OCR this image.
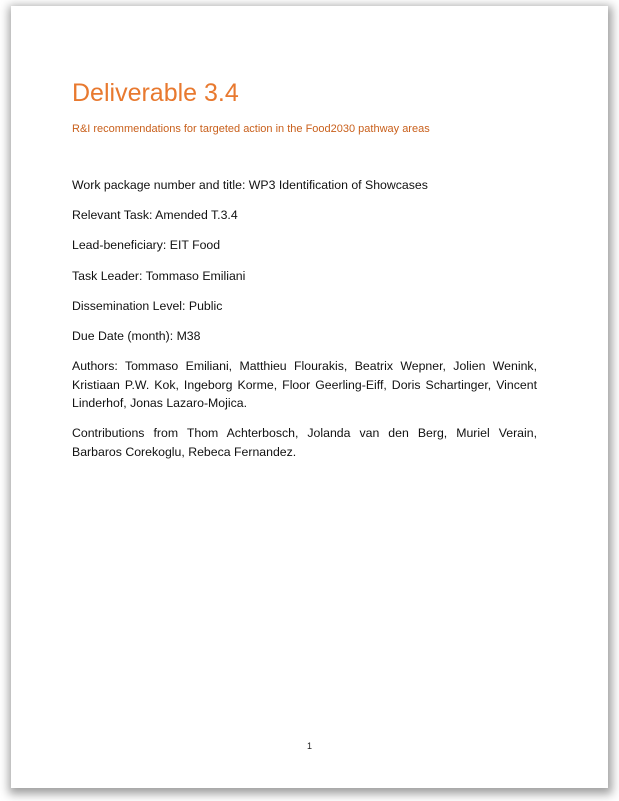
Deliverable 3.4
R&I recommendations for targeted action in the Food2030 pathway areas
Work package number and title: WP3 Identification of Showcases
Relevant Task: Amended T.3.4
Lead-beneficiary: EIT Food
Task Leader: Tommaso Emiliani
Dissemination Level: Public
Due Date (month): M38
Authors: Tommaso Emiliani, Matthieu Flourakis, Beatrix Wepner, Jolien Wenink, Kristiaan P.W. Kok, Ingeborg Korme, Floor Geerling-Eiff, Doris Schartinger, Vincent Linderhof, Jonas Lazaro-Mojica.
Contributions from Thom Achterbosch, Jolanda van den Berg, Muriel Verain, Barbaros Corekoglu, Rebeca Fernandez.
1
